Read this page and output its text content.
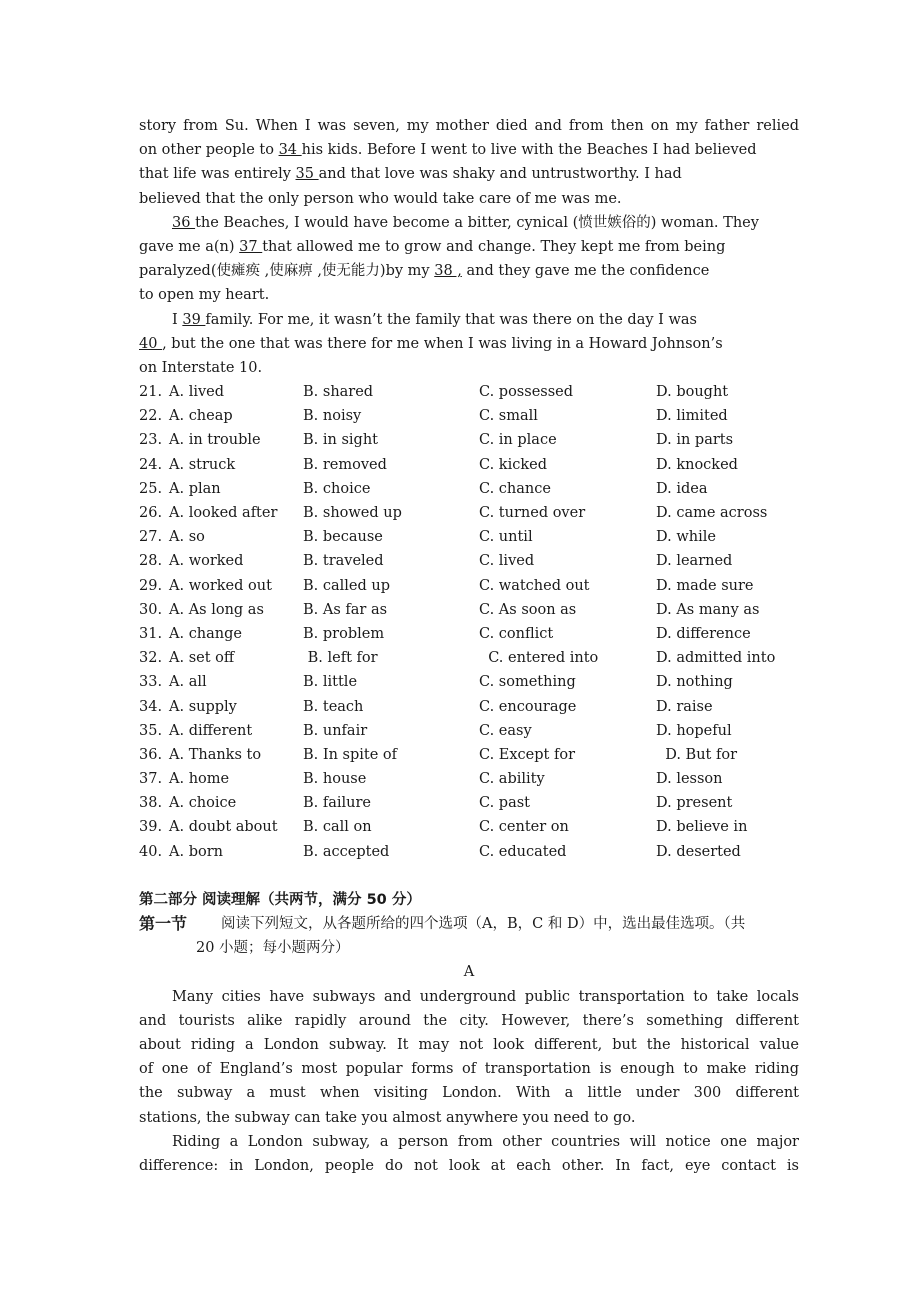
story from Su. When I was seven, my mother died and from then on my father relied
on other people to 34 his kids. Before I went to live with the Beaches I had believed
that life was entirely 35 and that love was shaky and untrustworthy. I had
believed that the only person who would take care of me was me.
36 the Beaches, I would have become a bitter, cynical (愤世嫉俗的) woman. They
gave me a(n) 37 that allowed me to grow and change. They kept me from being
paralyzed(使瘫痪 ,使麻痹 ,使无能力)by my 38 , and they gave me the confidence
to open my heart.
I 39 family. For me, it wasn’t the family that was there on the day I was
40 , but the one that was there for me when I was living in a Howard Johnson’s
on Interstate 10.
21. A. lived	B. shared	C. possessed	D. bought
22. A. cheap	B. noisy	C. small	D. limited
23. A. in trouble	B. in sight	C. in place	D. in parts
24. A. struck	B. removed	C. kicked	D. knocked
25. A. plan	B. choice	C. chance	D. idea
26. A. looked after	B. showed up	C. turned over	D. came across
27. A. so	B. because	C. until	D. while
28. A. worked	B. traveled	C. lived	D. learned
29. A. worked out	B. called up	C. watched out	D. made sure
30. A. As long as	B. As far as	C. As soon as	D. As many as
31. A. change	B. problem	C. conflict	D. difference
32. A. set off	B. left for	C. entered into	D. admitted into
33. A. all	B. little	C. something	D. nothing
34. A. supply	B. teach	C. encourage	D. raise
35. A. different	B. unfair	C. easy	D. hopeful
36. A. Thanks to	B. In spite of	C. Except for	D. But for
37. A. home	B. house	C. ability	D. lesson
38. A. choice	B. failure	C. past	D. present
39. A. doubt about	B. call on	C. center on	D. believe in
40. A. born	B. accepted	C. educated	D. deserted
第二部分 阅读理解（共两节，满分 50 分）
第一节	阅读下列短文，从各题所给的四个选项（A，B，C 和 D）中，选出最佳选项。（共
20 小题；每小题两分）
A
Many cities have subways and underground public transportation to take locals
and tourists alike rapidly around the city. However, there’s something different
about riding a London subway. It may not look different, but the historical value
of one of England’s most popular forms of transportation is enough to make riding
the subway a must when visiting London. With a little under 300 different
stations, the subway can take you almost anywhere you need to go.
Riding a London subway, a person from other countries will notice one major
difference: in London, people do not look at each other. In fact, eye contact is
